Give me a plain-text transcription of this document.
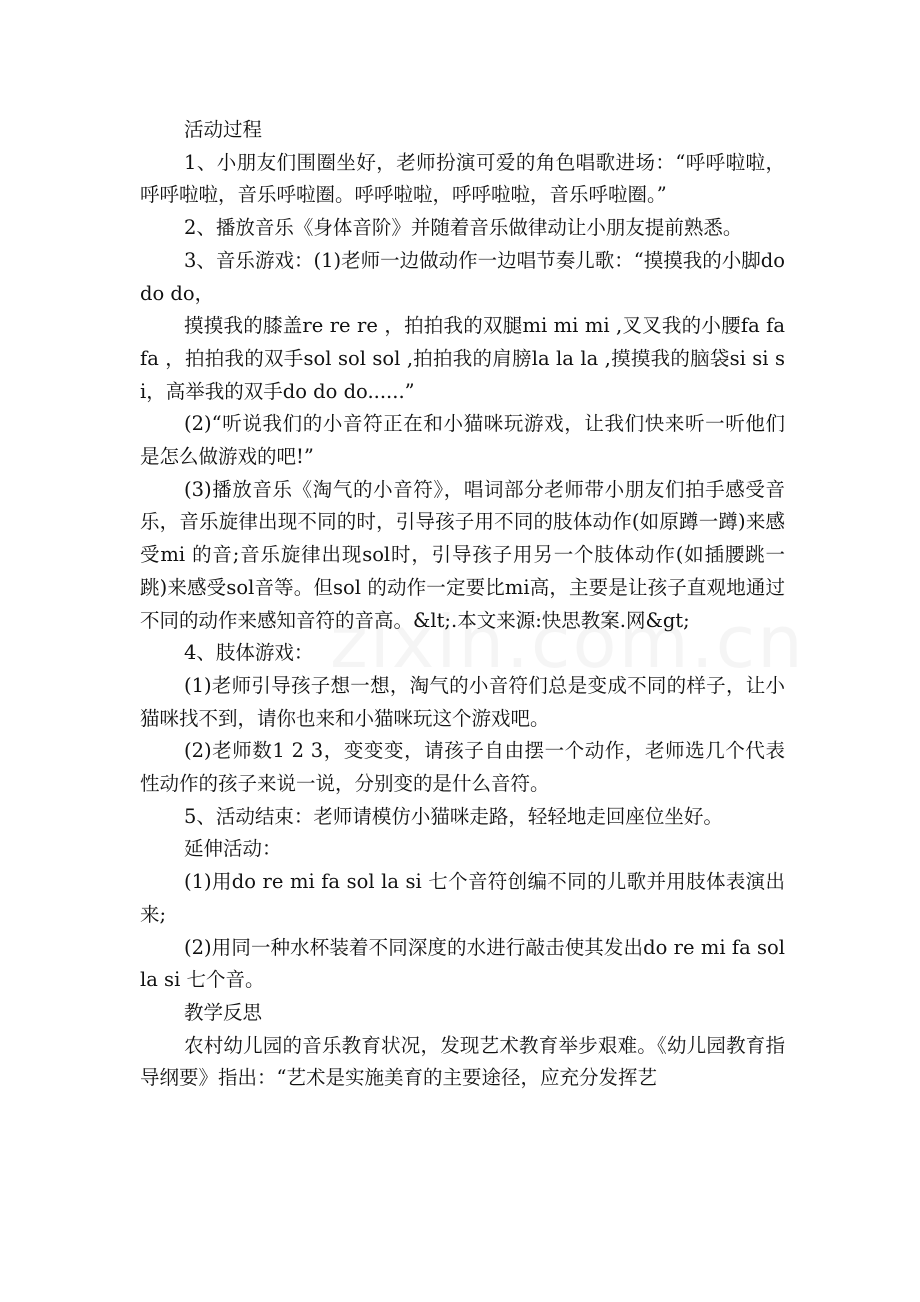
活动过程

1、小朋友们围圈坐好，老师扮演可爱的角色唱歌进场：“呼呼啦啦，呼呼啦啦，音乐呼啦圈。呼呼啦啦，呼呼啦啦，音乐呼啦圈。”

2、播放音乐《身体音阶》并随着音乐做律动让小朋友提前熟悉。

3、音乐游戏：(1)老师一边做动作一边唱节奏儿歌：“摸摸我的小脚do do do，

摸摸我的膝盖re re re ，拍拍我的双腿mi mi mi ,叉叉我的小腰fa fa fa ，拍拍我的双手sol sol sol ,拍拍我的肩膀la la la ,摸摸我的脑袋si si si，高举我的双手do do do......”

(2)“听说我们的小音符正在和小猫咪玩游戏，让我们快来听一听他们是怎么做游戏的吧!”

(3)播放音乐《淘气的小音符》，唱词部分老师带小朋友们拍手感受音乐，音乐旋律出现不同的时，引导孩子用不同的肢体动作(如原蹲一蹲)来感受mi 的音;音乐旋律出现sol时，引导孩子用另一个肢体动作(如插腰跳一跳)来感受sol音等。但sol 的动作一定要比mi高，主要是让孩子直观地通过不同的动作来感知音符的音高。&lt;.本文来源:快思教案.网&gt;

4、肢体游戏：

(1)老师引导孩子想一想，淘气的小音符们总是变成不同的样子，让小猫咪找不到，请你也来和小猫咪玩这个游戏吧。

(2)老师数1 2 3，变变变，请孩子自由摆一个动作，老师选几个代表性动作的孩子来说一说，分别变的是什么音符。

5、活动结束：老师请模仿小猫咪走路，轻轻地走回座位坐好。

延伸活动：

(1)用do re mi fa sol la si 七个音符创编不同的儿歌并用肢体表演出来;

(2)用同一种水杯装着不同深度的水进行敲击使其发出do re mi fa sol la si 七个音。

教学反思

农村幼儿园的音乐教育状况，发现艺术教育举步艰难。《幼儿园教育指导纲要》指出：“艺术是实施美育的主要途径，应充分发挥艺
